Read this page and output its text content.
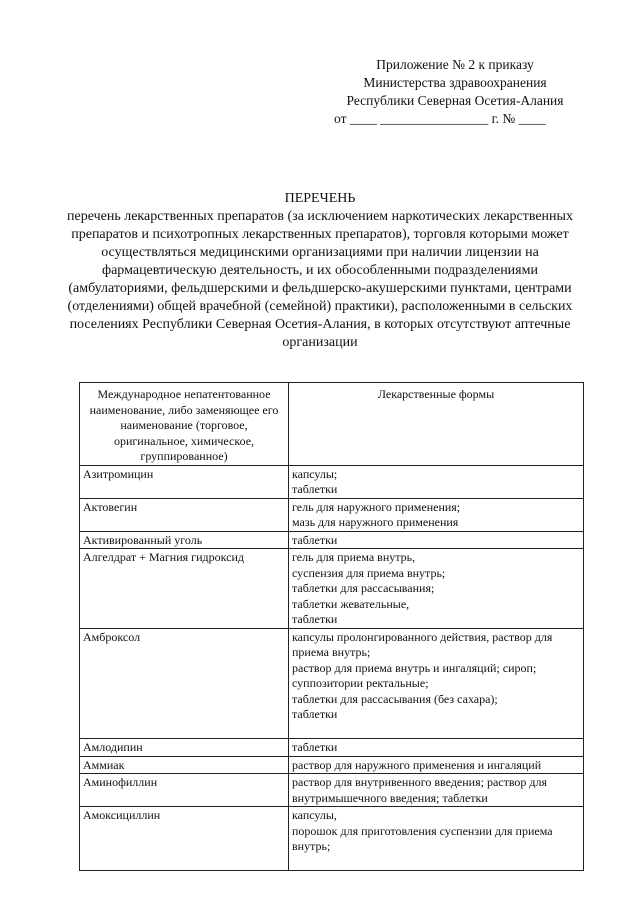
Приложение № 2 к приказу
Министерства здравоохранения
Республики Северная Осетия-Алания
от ____ ________________ г. № ____
ПЕРЕЧЕНЬ
перечень лекарственных препаратов (за исключением наркотических лекарственных препаратов и психотропных лекарственных препаратов), торговля которыми может осуществляться медицинскими организациями при наличии лицензии на фармацевтическую деятельность, и их обособленными подразделениями (амбулаториями, фельдшерскими и фельдшерско-акушерскими пунктами, центрами (отделениями) общей врачебной (семейной) практики), расположенными в сельских поселениях Республики Северная Осетия-Алания, в которых отсутствуют аптечные организации
Международное непатентованное наименование, либо заменяющее его наименование (торговое, оригинальное, химическое, группированное)	Лекарственные формы
Азитромицин	капсулы;
таблетки

Актовегин	гель для наружного применения;
мазь для наружного применения

Активированный уголь	таблетки

Алгелдрат + Магния гидроксид	гель для приема внутрь,
суспензия для приема внутрь;
таблетки для рассасывания;
таблетки жевательные,
таблетки

Амброксол	капсулы пролонгированного действия, раствор для приема внутрь;
раствор для приема внутрь и ингаляций; сироп;
суппозитории ректальные;
таблетки для рассасывания (без сахара);
таблетки

Амлодипин	таблетки

Аммиак	раствор для наружного применения и ингаляций

Аминофиллин	раствор для внутривенного введения; раствор для внутримышечного введения; таблетки

Амоксициллин	капсулы,
порошок для приготовления суспензии для приема внутрь;
